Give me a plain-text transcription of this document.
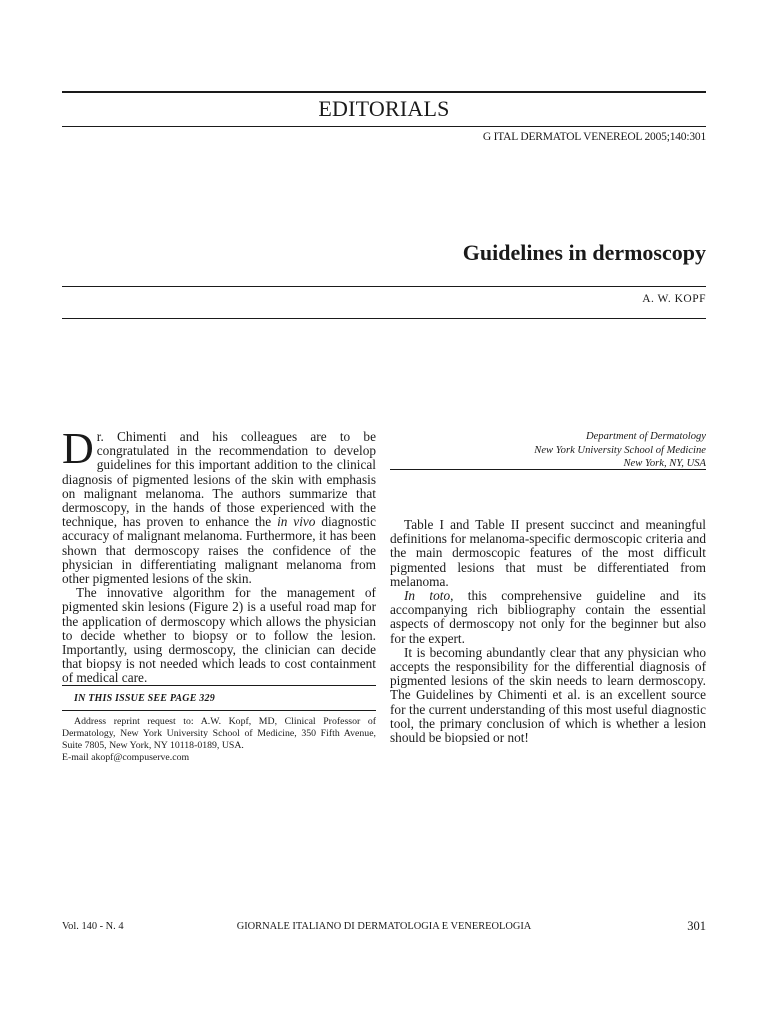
EDITORIALS
G ITAL DERMATOL VENEREOL 2005;140:301
Guidelines in dermoscopy
A. W. KOPF

Dr. Chimenti and his colleagues are to be congratulated in the recommendation to develop guidelines for this important addition to the clinical diagnosis of pigmented lesions of the skin with emphasis on malignant melanoma. The authors summarize that dermoscopy, in the hands of those experienced with the technique, has proven to enhance the in vivo diagnostic accuracy of malignant melanoma. Furthermore, it has been shown that dermoscopy raises the confidence of the physician in differentiating malignant melanoma from other pigmented lesions of the skin.

The innovative algorithm for the management of pigmented skin lesions (Figure 2) is a useful road map for the application of dermoscopy which allows the physician to decide whether to biopsy or to follow the lesion. Importantly, using dermoscopy, the clinician can decide that biopsy is not needed which leads to cost containment of medical care.

IN THIS ISSUE SEE PAGE 329

Address reprint request to: A.W. Kopf, MD, Clinical Professor of Dermatology, New York University School of Medicine, 350 Fifth Avenue, Suite 7805, New York, NY 10118-0189, USA.

E-mail akopf@compuserve.com

Department of Dermatology
New York University School of Medicine
New York, NY, USA

Table I and Table II present succinct and meaningful definitions for melanoma-specific dermoscopic criteria and the main dermoscopic features of the most difficult pigmented lesions that must be differentiated from melanoma.

In toto, this comprehensive guideline and its accompanying rich bibliography contain the essential aspects of dermoscopy not only for the beginner but also for the expert.

It is becoming abundantly clear that any physician who accepts the responsibility for the differential diagnosis of pigmented lesions of the skin needs to learn dermoscopy. The Guidelines by Chimenti et al. is an excellent source for the current understanding of this most useful diagnostic tool, the primary conclusion of which is whether a lesion should be biopsied or not!

Vol. 140 - N. 4	GIORNALE ITALIANO DI DERMATOLOGIA E VENEREOLOGIA	301
